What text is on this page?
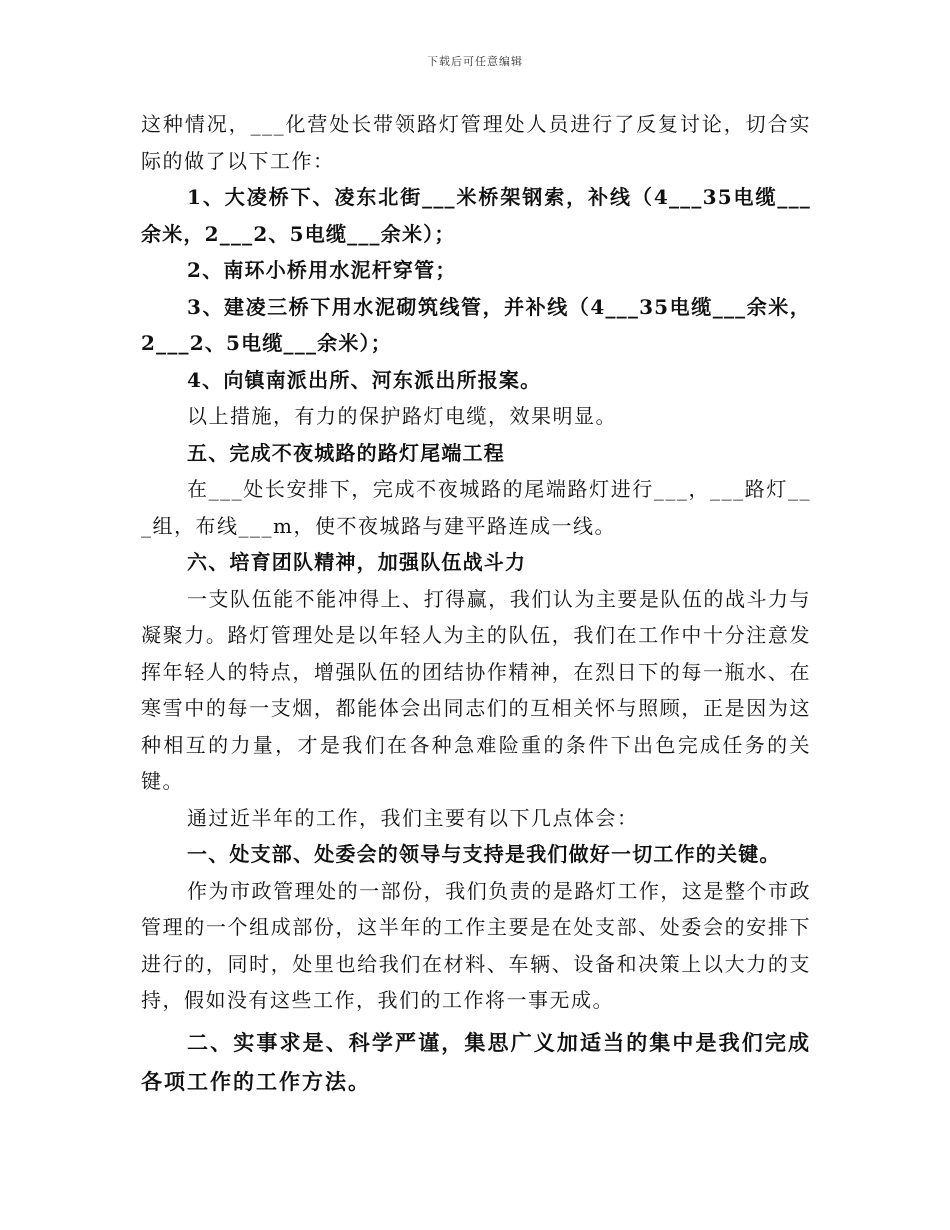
下载后可任意编辑

这种情况，___化营处长带领路灯管理处人员进行了反复讨论，切合实际的做了以下工作：

1、大凌桥下、凌东北街___米桥架钢索，补线（4___35电缆___余米，2___2、5电缆___余米）；

2、南环小桥用水泥杆穿管；

3、建凌三桥下用水泥砌筑线管，并补线（4___35电缆___余米，2___2、5电缆___余米）；

4、向镇南派出所、河东派出所报案。

以上措施，有力的保护路灯电缆，效果明显。

五、完成不夜城路的路灯尾端工程

在___处长安排下，完成不夜城路的尾端路灯进行___，___路灯___组，布线___m，使不夜城路与建平路连成一线。

六、培育团队精神，加强队伍战斗力

一支队伍能不能冲得上、打得赢，我们认为主要是队伍的战斗力与凝聚力。路灯管理处是以年轻人为主的队伍，我们在工作中十分注意发挥年轻人的特点，增强队伍的团结协作精神，在烈日下的每一瓶水、在寒雪中的每一支烟，都能体会出同志们的互相关怀与照顾，正是因为这种相互的力量，才是我们在各种急难险重的条件下出色完成任务的关键。

通过近半年的工作，我们主要有以下几点体会：

一、处支部、处委会的领导与支持是我们做好一切工作的关键。

作为市政管理处的一部份，我们负责的是路灯工作，这是整个市政管理的一个组成部份，这半年的工作主要是在处支部、处委会的安排下进行的，同时，处里也给我们在材料、车辆、设备和决策上以大力的支持，假如没有这些工作，我们的工作将一事无成。

二、实事求是、科学严谨，集思广义加适当的集中是我们完成各项工作的工作方法。
